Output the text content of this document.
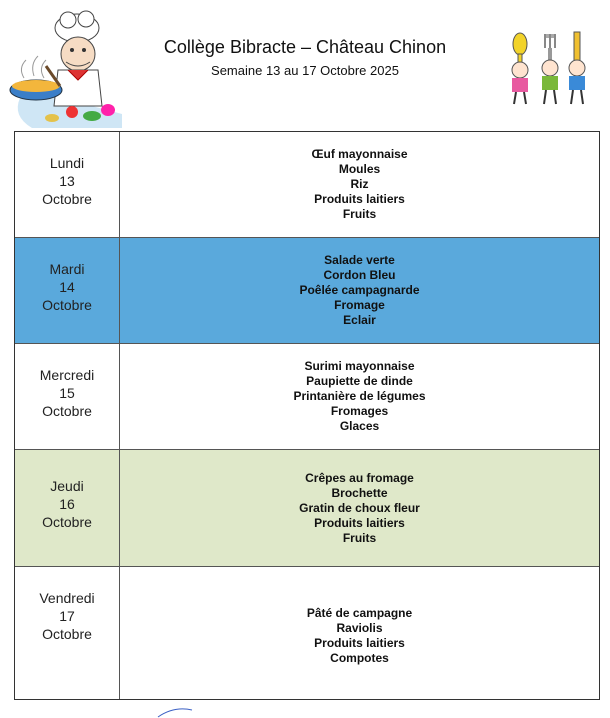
Collège Bibracte – Château Chinon
Semaine 13 au 17 Octobre 2025
Lundi
13
Octobre
Œuf mayonnaise
Moules
Riz
Produits laitiers
Fruits
Mardi
14
Octobre
Salade verte
Cordon Bleu
Poêlée campagnarde
Fromage
Eclair
Mercredi
15
Octobre
Surimi mayonnaise
Paupiette de dinde
Printanière de légumes
Fromages
Glaces
Jeudi
16
Octobre
Crêpes au fromage
Brochette
Gratin de choux fleur
Produits laitiers
Fruits
Vendredi
17
Octobre
Pâté de campagne
Raviolis
Produits laitiers
Compotes
